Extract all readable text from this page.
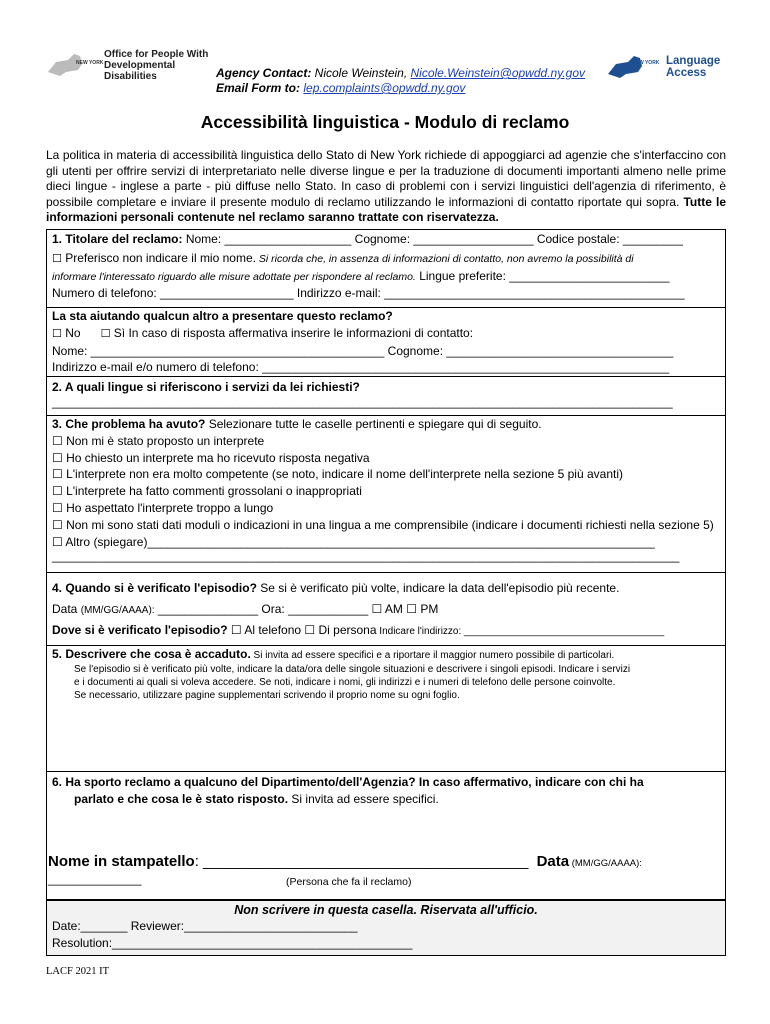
NEW YORK
Office for People With
Developmental Disabilities
NEW YORK Language
Access
Agency Contact: Nicole Weinstein, Nicole.Weinstein@opwdd.ny.gov
Email Form to: lep.complaints@opwdd.ny.gov
Accessibilità linguistica - Modulo di reclamo
La politica in materia di accessibilità linguistica dello Stato di New York richiede di appoggiarci ad agenzie che s'interfaccino con gli utenti per offrire servizi di interpretariato nelle diverse lingue e per la traduzione di documenti importanti almeno nelle prime dieci lingue - inglese a parte - più diffuse nello Stato. In caso di problemi con i servizi linguistici dell'agenzia di riferimento, è possibile completare e inviare il presente modulo di reclamo utilizzando le informazioni di contatto riportate qui sopra. Tutte le informazioni personali contenute nel reclamo saranno trattate con riservatezza.
1. Titolare del reclamo: Nome: ___________________ Cognome: __________________ Codice postale: _________
☐ Preferisco non indicare il mio nome. Si ricorda che, in assenza di informazioni di contatto, non avremo la possibilità di
informare l'interessato riguardo alle misure adottate per rispondere al reclamo. Lingue preferite: ________________________
Numero di telefono: ____________________ Indirizzo e-mail: _____________________________________________
La sta aiutando qualcun altro a presentare questo reclamo?
☐ No ☐ Sì In caso di risposta affermativa inserire le informazioni di contatto:
Nome: ____________________________________________ Cognome: __________________________________
Indirizzo e-mail e/o numero di telefono: _____________________________________________________________
2. A quali lingue si riferiscono i servizi da lei richiesti?
_____________________________________________________________________________________________
3. Che problema ha avuto? Selezionare tutte le caselle pertinenti e spiegare qui di seguito.
☐ Non mi è stato proposto un interprete
☐ Ho chiesto un interprete ma ho ricevuto risposta negativa
☐ L'interprete non era molto competente (se noto, indicare il nome dell'interprete nella sezione 5 più avanti)
☐ L'interprete ha fatto commenti grossolani o inappropriati
☐ Ho aspettato l'interprete troppo a lungo
☐ Non mi sono stati dati moduli o indicazioni in una lingua a me comprensibile (indicare i documenti richiesti nella sezione 5)
☐ Altro (spiegare)____________________________________________________________________________
______________________________________________________________________________________________
4. Quando si è verificato l'episodio? Se si è verificato più volte, indicare la data dell'episodio più recente.
Data (MM/GG/AAAA): _______________ Ora: ____________ ☐ AM ☐ PM
Dove si è verificato l'episodio? ☐ Al telefono ☐ Di persona Indicare l'indirizzo: ____________________________________
5. Descrivere che cosa è accaduto. Si invita ad essere specifici e a riportare il maggior numero possibile di particolari.
Se l'episodio si è verificato più volte, indicare la data/ora delle singole situazioni e descrivere i singoli episodi. Indicare i servizi
e i documenti ai quali si voleva accedere. Se noti, indicare i nomi, gli indirizzi e i numeri di telefono delle persone coinvolte.
Se necessario, utilizzare pagine supplementari scrivendo il proprio nome su ogni foglio.
6. Ha sporto reclamo a qualcuno del Dipartimento/dell'Agenzia? In caso affermativo, indicare con chi ha
parlato e che cosa le è stato risposto. Si invita ad essere specifici.
Nome in stampatello: _______________________________________ Data (MM/GG/AAAA): ______________	(Persona che fa il reclamo)
Non scrivere in questa casella. Riservata all'ufficio.
Date:_______ Reviewer:__________________________
Resolution:_____________________________________________
LACF 2021 IT
